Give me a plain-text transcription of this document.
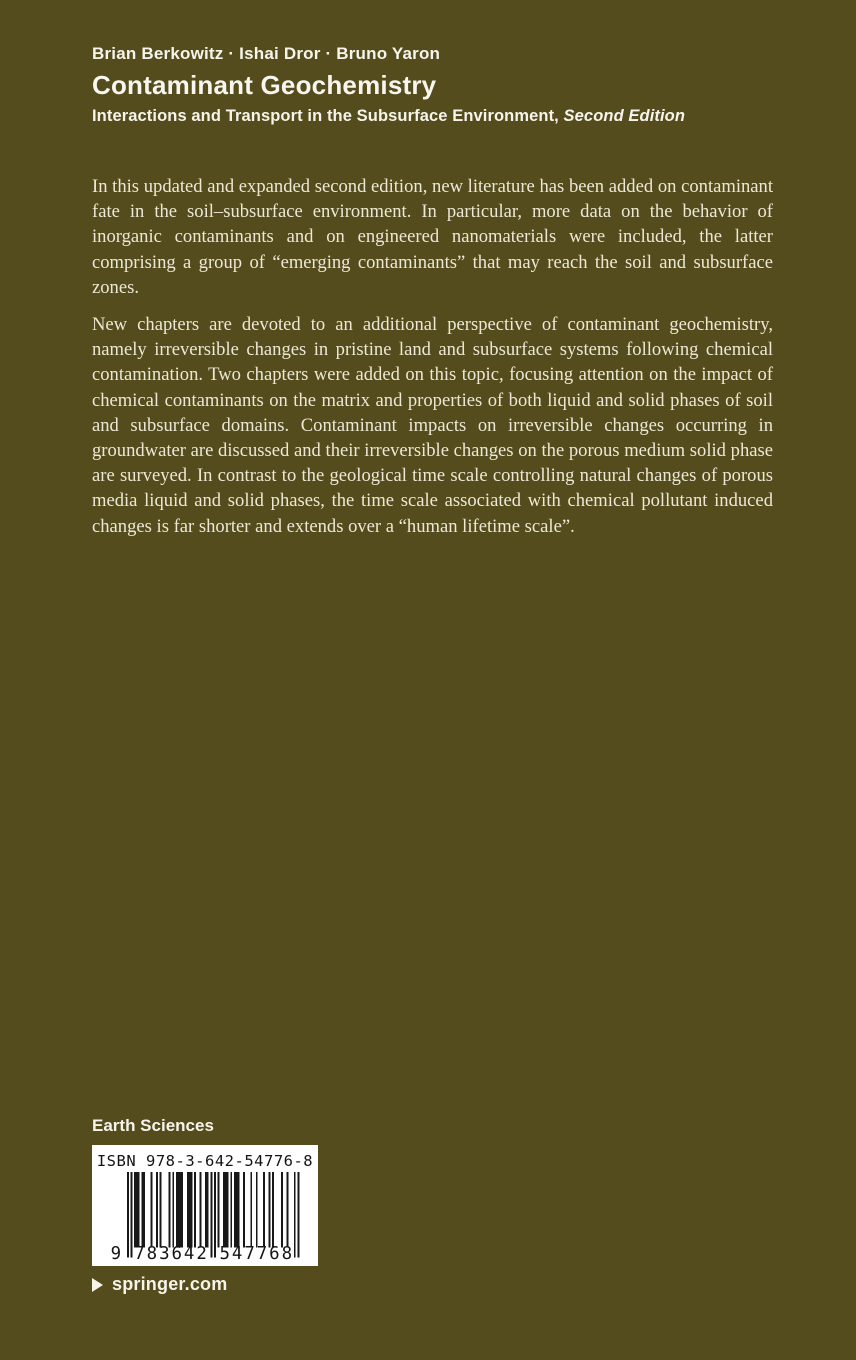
Brian Berkowitz · Ishai Dror · Bruno Yaron
Contaminant Geochemistry
Interactions and Transport in the Subsurface Environment, Second Edition

In this updated and expanded second edition, new literature has been added on contaminant fate in the soil–subsurface environment. In particular, more data on the behavior of inorganic contaminants and on engineered nanomaterials were included, the latter comprising a group of “emerging contaminants” that may reach the soil and subsurface zones.

New chapters are devoted to an additional perspective of contaminant geochemistry, namely irreversible changes in pristine land and subsurface systems following chemical contamination. Two chapters were added on this topic, focusing attention on the impact of chemical contaminants on the matrix and properties of both liquid and solid phases of soil and subsurface domains. Contaminant impacts on irreversible changes occurring in groundwater are discussed and their irreversible changes on the porous medium solid phase are surveyed. In contrast to the geological time scale controlling natural changes of porous media liquid and solid phases, the time scale associated with chemical pollutant induced changes is far shorter and extends over a “human lifetime scale”.

Earth Sciences
ISBN 978-3-642-54776-8
9 783642 547768
springer.com
